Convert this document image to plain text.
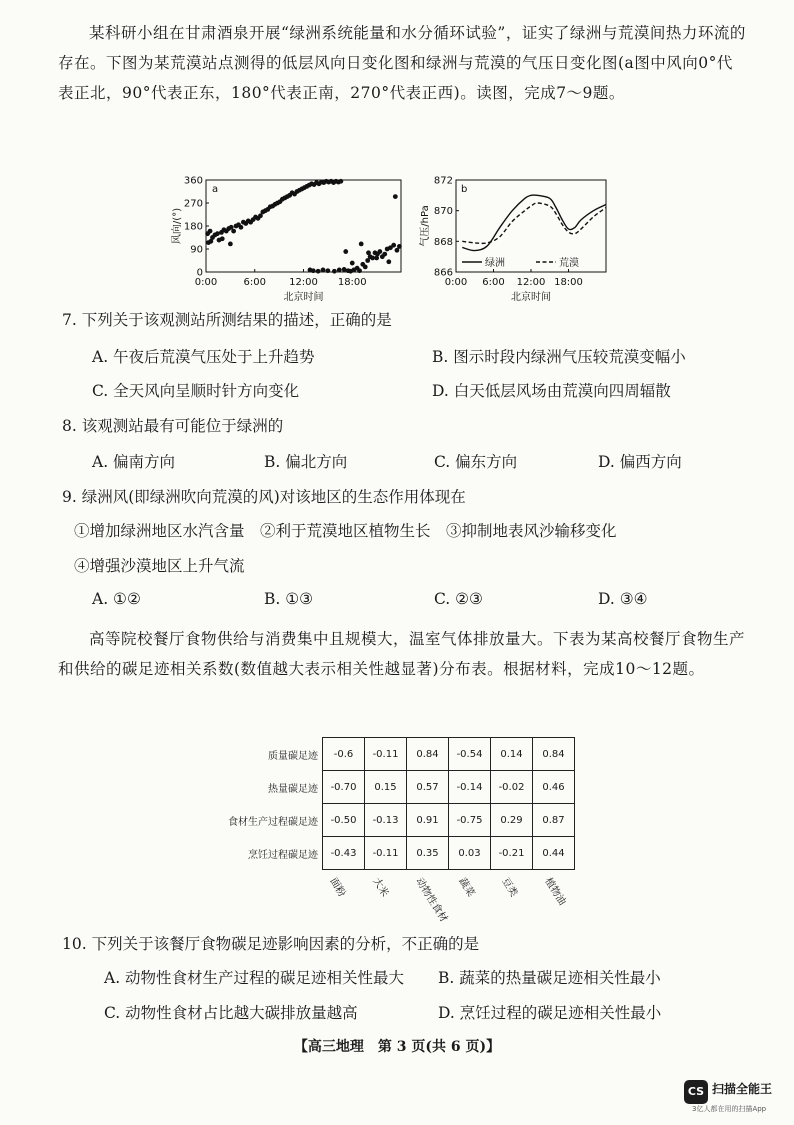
某科研小组在甘肃酒泉开展“绿洲系统能量和水分循环试验”，证实了绿洲与荒漠间热力环流的存在。下图为某荒漠站点测得的低层风向日变化图和绿洲与荒漠的气压日变化图(a图中风向0°代表正北，90°代表正东，180°代表正南，270°代表正西)。读图，完成7～9题。
0
90
180
270
360
0:00	6:00 12:00 18:00
北京时间
风向/(°)
a
866
868
870
872
0:00 6:00 12:00 18:00
北京时间
气压/hPa
b
绿洲	荒漠
7. 下列关于该观测站所测结果的描述，正确的是
A. 午夜后荒漠气压处于上升趋势	B. 图示时段内绿洲气压较荒漠变幅小
C. 全天风向呈顺时针方向变化	D. 白天低层风场由荒漠向四周辐散
8. 该观测站最有可能位于绿洲的
A. 偏南方向	B. 偏北方向	C. 偏东方向	D. 偏西方向
9. 绿洲风(即绿洲吹向荒漠的风)对该地区的生态作用体现在
①增加绿洲地区水汽含量　②利于荒漠地区植物生长　③抑制地表风沙输移变化
④增强沙漠地区上升气流
A. ①②	B. ①③	C. ②③	D. ③④
高等院校餐厅食物供给与消费集中且规模大，温室气体排放量大。下表为某高校餐厅食物生产和供给的碳足迹相关系数(数值越大表示相关性越显著)分布表。根据材料，完成10～12题。
质量碳足迹	-0.6	-0.11	0.84	-0.54	0.14	0.84
热量碳足迹	-0.70	0.15	0.57	-0.14	-0.02	0.46
食材生产过程碳足迹	-0.50	-0.13	0.91	-0.75	0.29	0.87
烹饪过程碳足迹	-0.43	-0.11	0.35	0.03	-0.21	0.44
面粉	大米	动物性食材 蔬菜	豆类	植物油
10. 下列关于该餐厅食物碳足迹影响因素的分析，不正确的是
A. 动物性食材生产过程的碳足迹相关性最大 B. 蔬菜的热量碳足迹相关性最小
C. 动物性食材占比越大碳排放量越高	D. 烹饪过程的碳足迹相关性最小
【高三地理　第 3 页(共 6 页)】
CS 扫描全能王
3亿人都在用的扫描App
